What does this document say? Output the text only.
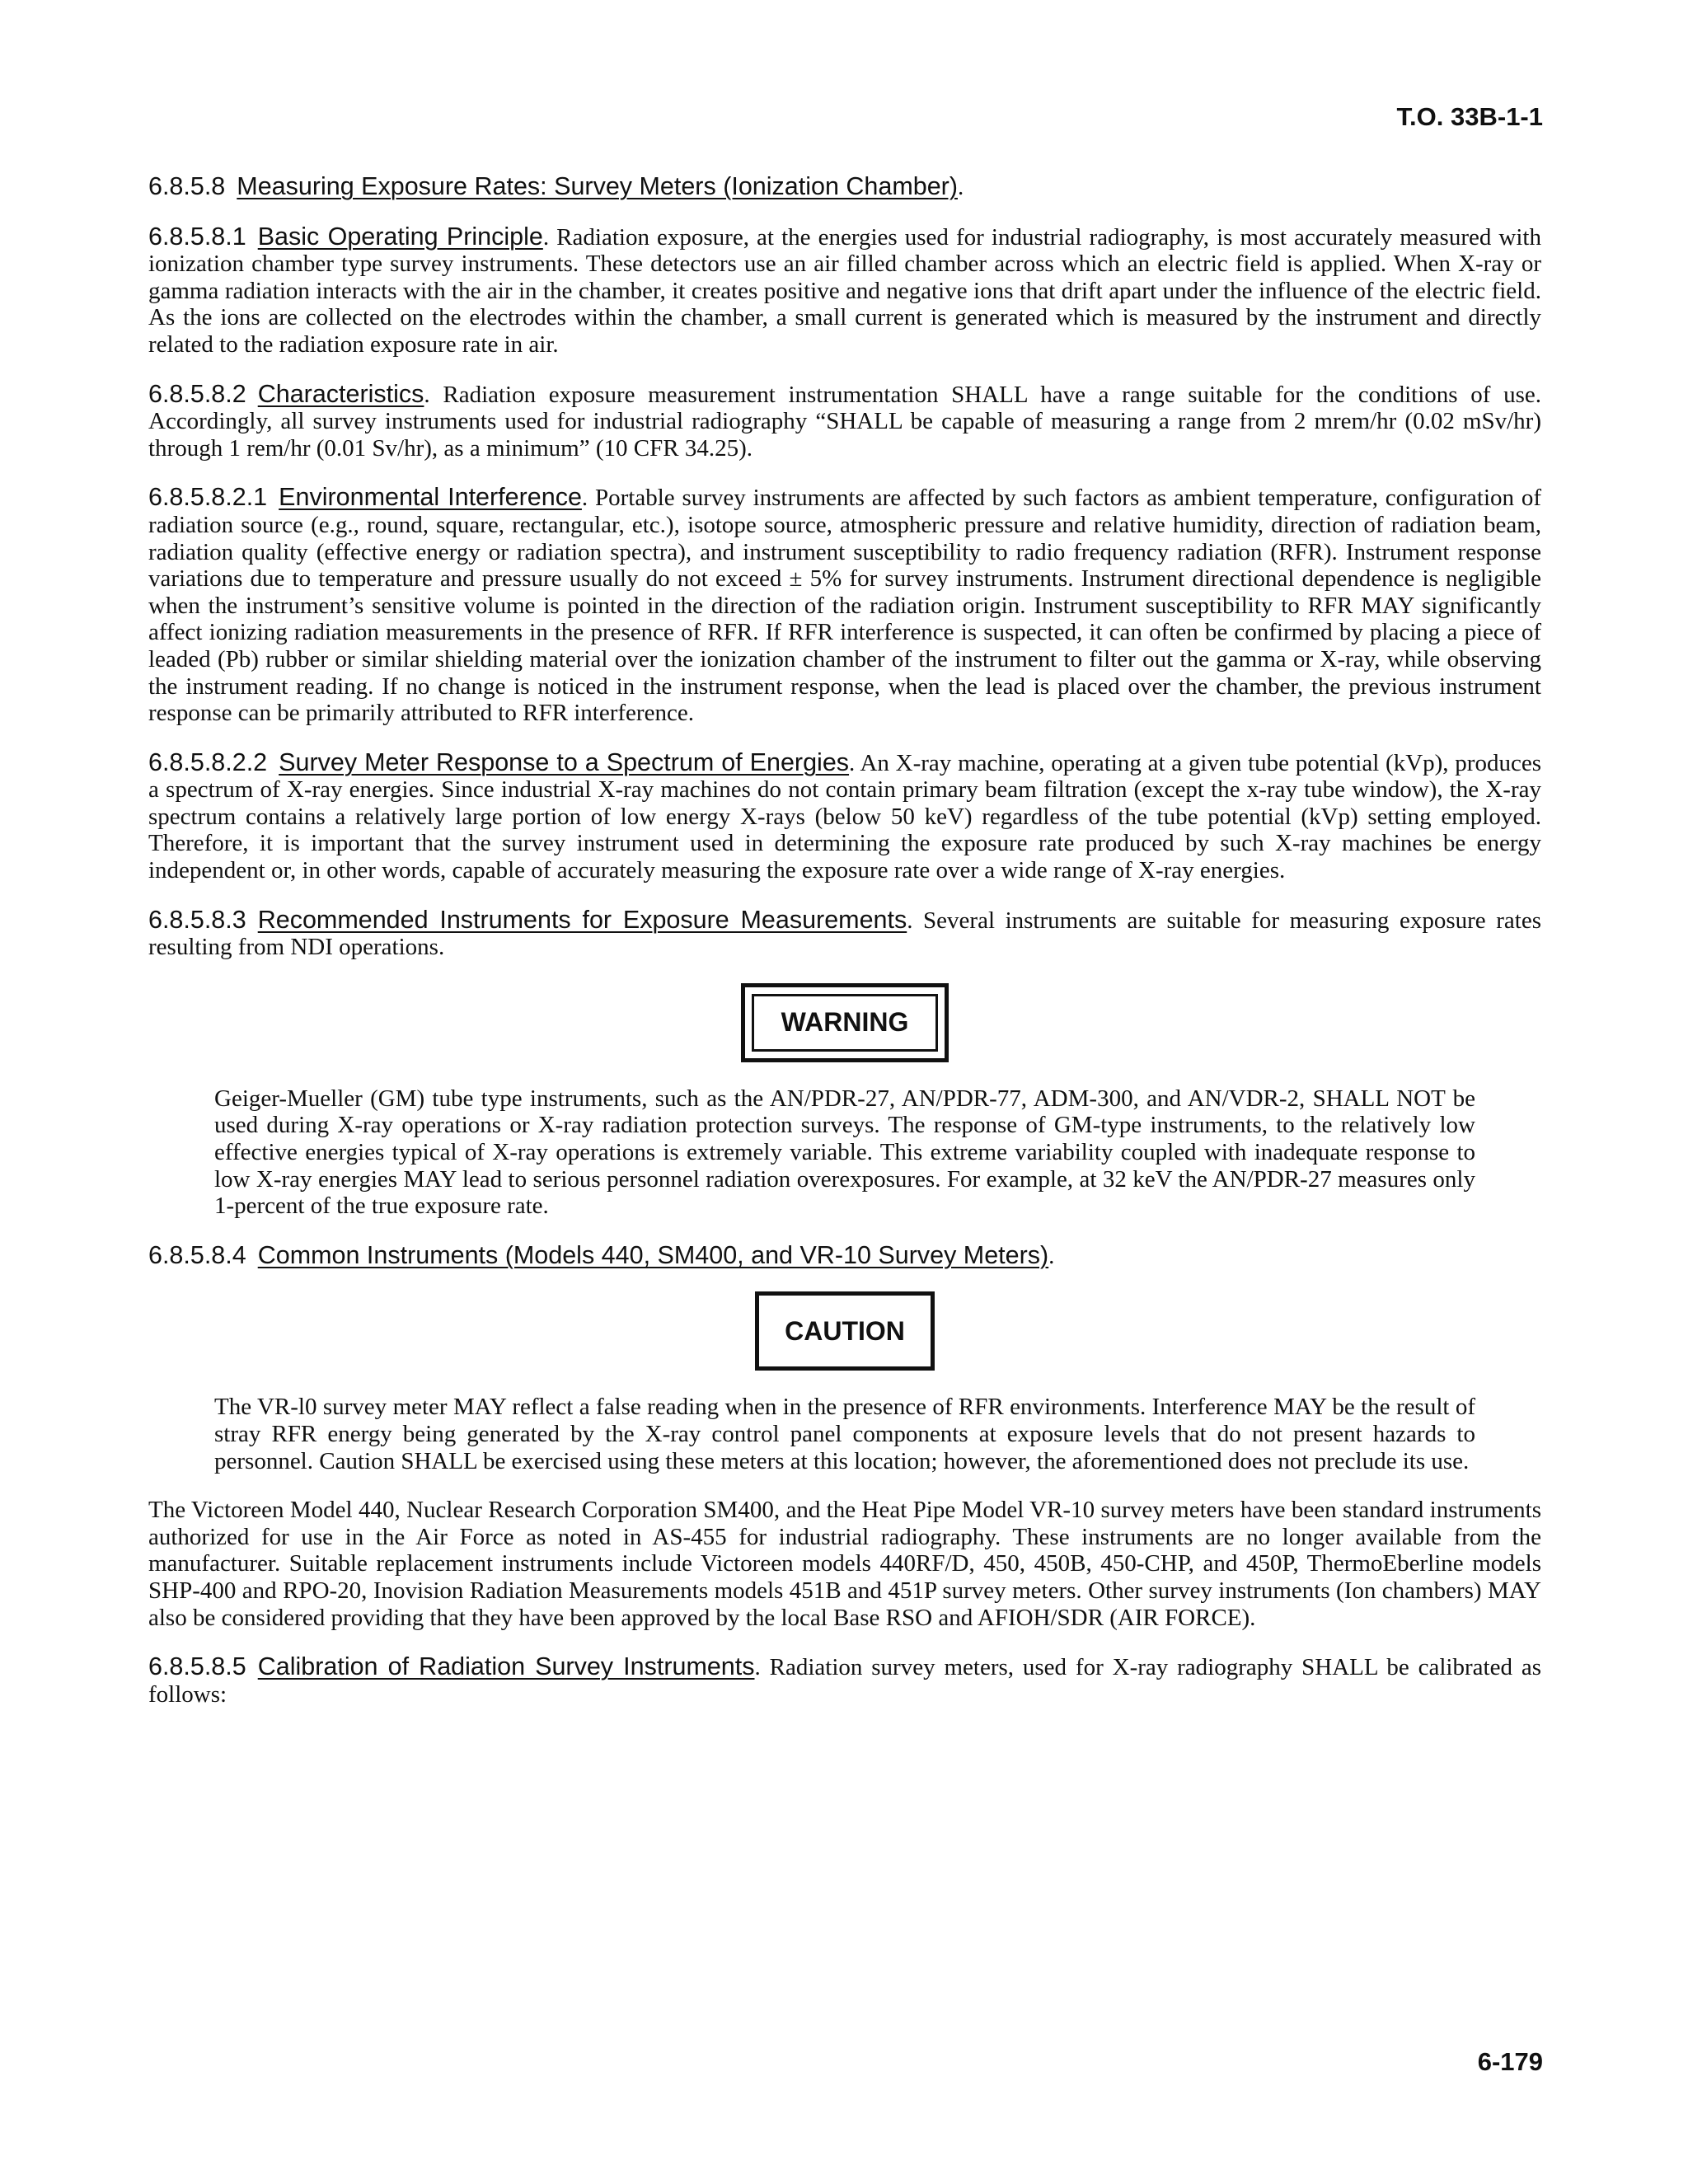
T.O. 33B-1-1

6.8.5.8 Measuring Exposure Rates: Survey Meters (Ionization Chamber).

6.8.5.8.1 Basic Operating Principle. Radiation exposure, at the energies used for industrial radiography, is most accurately measured with ionization chamber type survey instruments. These detectors use an air filled chamber across which an electric field is applied. When X-ray or gamma radiation interacts with the air in the chamber, it creates positive and negative ions that drift apart under the influence of the electric field. As the ions are collected on the electrodes within the chamber, a small current is generated which is measured by the instrument and directly related to the radiation exposure rate in air.

6.8.5.8.2 Characteristics. Radiation exposure measurement instrumentation SHALL have a range suitable for the conditions of use. Accordingly, all survey instruments used for industrial radiography “SHALL be capable of measuring a range from 2 mrem/hr (0.02 mSv/hr) through 1 rem/hr (0.01 Sv/hr), as a minimum” (10 CFR 34.25).

6.8.5.8.2.1 Environmental Interference. Portable survey instruments are affected by such factors as ambient temperature, configuration of radiation source (e.g., round, square, rectangular, etc.), isotope source, atmospheric pressure and relative humidity, direction of radiation beam, radiation quality (effective energy or radiation spectra), and instrument susceptibility to radio frequency radiation (RFR). Instrument response variations due to temperature and pressure usually do not exceed ± 5% for survey instruments. Instrument directional dependence is negligible when the instrument’s sensitive volume is pointed in the direction of the radiation origin. Instrument susceptibility to RFR MAY significantly affect ionizing radiation measurements in the presence of RFR. If RFR interference is suspected, it can often be confirmed by placing a piece of leaded (Pb) rubber or similar shielding material over the ionization chamber of the instrument to filter out the gamma or X-ray, while observing the instrument reading. If no change is noticed in the instrument response, when the lead is placed over the chamber, the previous instrument response can be primarily attributed to RFR interference.

6.8.5.8.2.2 Survey Meter Response to a Spectrum of Energies. An X-ray machine, operating at a given tube potential (kVp), produces a spectrum of X-ray energies. Since industrial X-ray machines do not contain primary beam filtration (except the x-ray tube window), the X-ray spectrum contains a relatively large portion of low energy X-rays (below 50 keV) regardless of the tube potential (kVp) setting employed. Therefore, it is important that the survey instrument used in determining the exposure rate produced by such X-ray machines be energy independent or, in other words, capable of accurately measuring the exposure rate over a wide range of X-ray energies.

6.8.5.8.3 Recommended Instruments for Exposure Measurements. Several instruments are suitable for measuring exposure rates resulting from NDI operations.

WARNING

Geiger-Mueller (GM) tube type instruments, such as the AN/PDR-27, AN/PDR-77, ADM-300, and AN/VDR-2, SHALL NOT be used during X-ray operations or X-ray radiation protection surveys. The response of GM-type instruments, to the relatively low effective energies typical of X-ray operations is extremely variable. This extreme variability coupled with inadequate response to low X-ray energies MAY lead to serious personnel radiation overexposures. For example, at 32 keV the AN/PDR-27 measures only 1-percent of the true exposure rate.

6.8.5.8.4 Common Instruments (Models 440, SM400, and VR-10 Survey Meters).

CAUTION

The VR-l0 survey meter MAY reflect a false reading when in the presence of RFR environments. Interference MAY be the result of stray RFR energy being generated by the X-ray control panel components at exposure levels that do not present hazards to personnel. Caution SHALL be exercised using these meters at this location; however, the aforementioned does not preclude its use.

The Victoreen Model 440, Nuclear Research Corporation SM400, and the Heat Pipe Model VR-10 survey meters have been standard instruments authorized for use in the Air Force as noted in AS-455 for industrial radiography. These instruments are no longer available from the manufacturer. Suitable replacement instruments include Victoreen models 440RF/D, 450, 450B, 450-CHP, and 450P, ThermoEberline models SHP-400 and RPO-20, Inovision Radiation Measurements models 451B and 451P survey meters. Other survey instruments (Ion chambers) MAY also be considered providing that they have been approved by the local Base RSO and AFIOH/SDR (AIR FORCE).

6.8.5.8.5 Calibration of Radiation Survey Instruments. Radiation survey meters, used for X-ray radiography SHALL be calibrated as follows:

6-179
